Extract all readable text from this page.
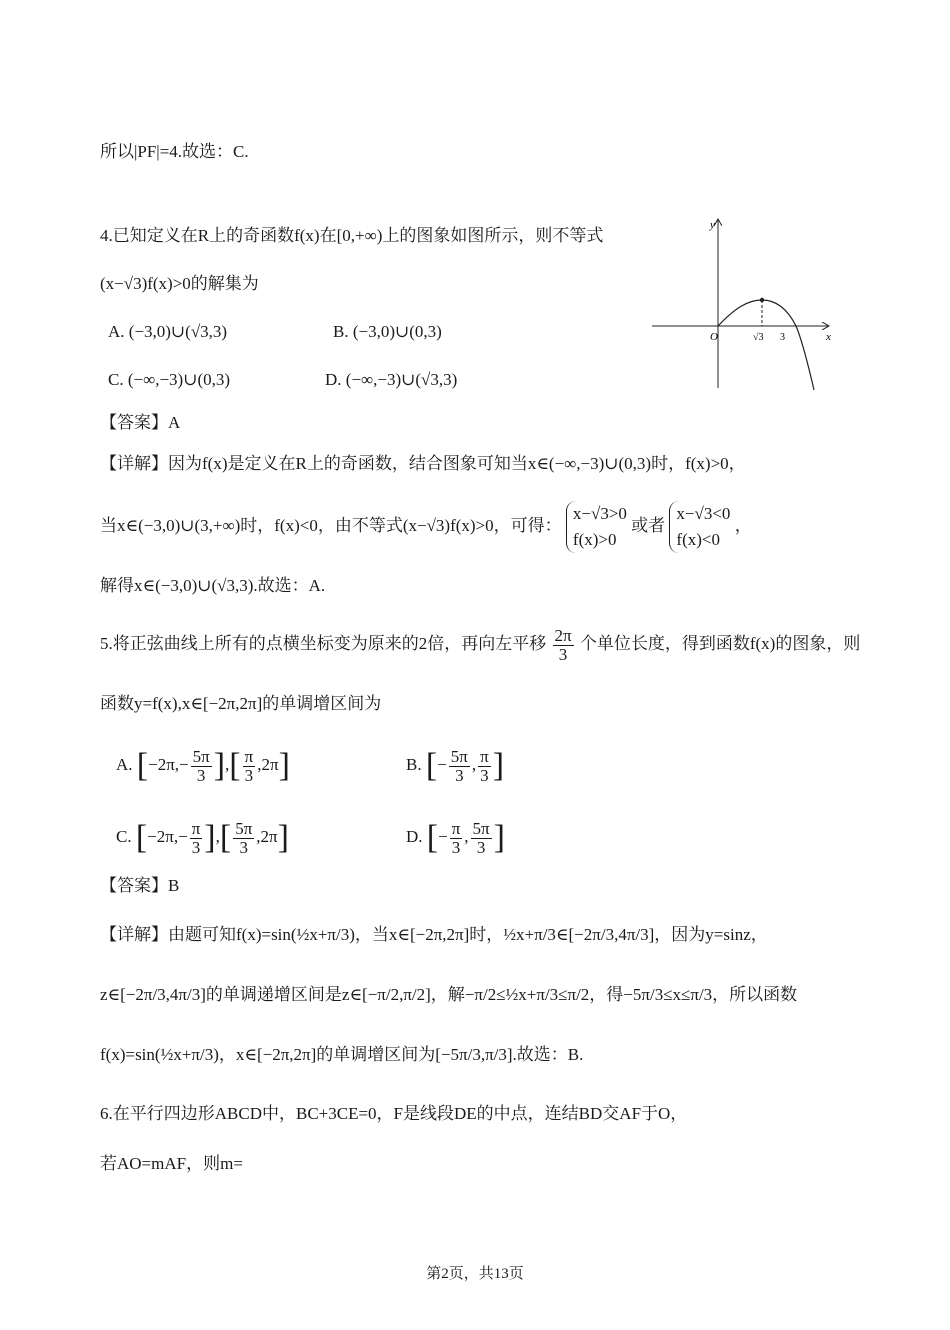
所以|PF|=4.故选：C.
4.已知定义在R上的奇函数f(x)在[0,+∞)上的图象如图所示，则不等式
(x−√3)f(x)>0的解集为
A. (−3,0)∪(√3,3)	B. (−3,0)∪(0,3)
C. (−∞,−3)∪(0,3)	D. (−∞,−3)∪(√3,3)
y
x
O	√3 3
【答案】A
【详解】因为f(x)是定义在R上的奇函数，结合图象可知当x∈(−∞,−3)∪(0,3)时，f(x)>0，
当x∈(−3,0)∪(3,+∞)时，f(x)<0，由不等式(x−√3)f(x)>0，可得：
x−√3>0
f(x)>0
或者
x−√3<0
f(x)<0
，
解得x∈(−3,0)∪(√3,3).故选：A.
5.将正弦曲线上所有的点横坐标变为原来的2倍，再向左平移 $\frac{2\pi}{3}$ 个单位长度，得到函数f(x)的图象，则
函数y=f(x),x∈[−2π,2π]的单调增区间为
A. [$-2\pi,- \frac{5\pi}{3}$ ],[ $\frac{\pi}{3} ,2\pi$]	B. [− $\frac{5\pi}{3}$ , $\frac{\pi}{3}$ ]
C. [$-2\pi,- \frac{\pi}{3}$ ],[ $\frac{5\pi}{3} ,2\pi$]	D. [− $\frac{\pi}{3}$ , $\frac{5\pi}{3}$ ]
【答案】B
【详解】由题可知f(x)=sin(½x+π/3)，当x∈[−2π,2π]时，½x+π/3∈[−2π/3,4π/3]，因为y=sinz，
z∈[−2π/3,4π/3]的单调递增区间是z∈[−π/2,π/2]，解−π/2≤½x+π/3≤π/2，得−5π/3≤x≤π/3，所以函数
f(x)=sin(½x+π/3)，x∈[−2π,2π]的单调增区间为[−5π/3,π/3].故选：B.
6.在平行四边形ABCD中，BC+3CE=0，F是线段DE的中点，连结BD交AF于O，
若AO=mAF，则m=
第2页，共13页
